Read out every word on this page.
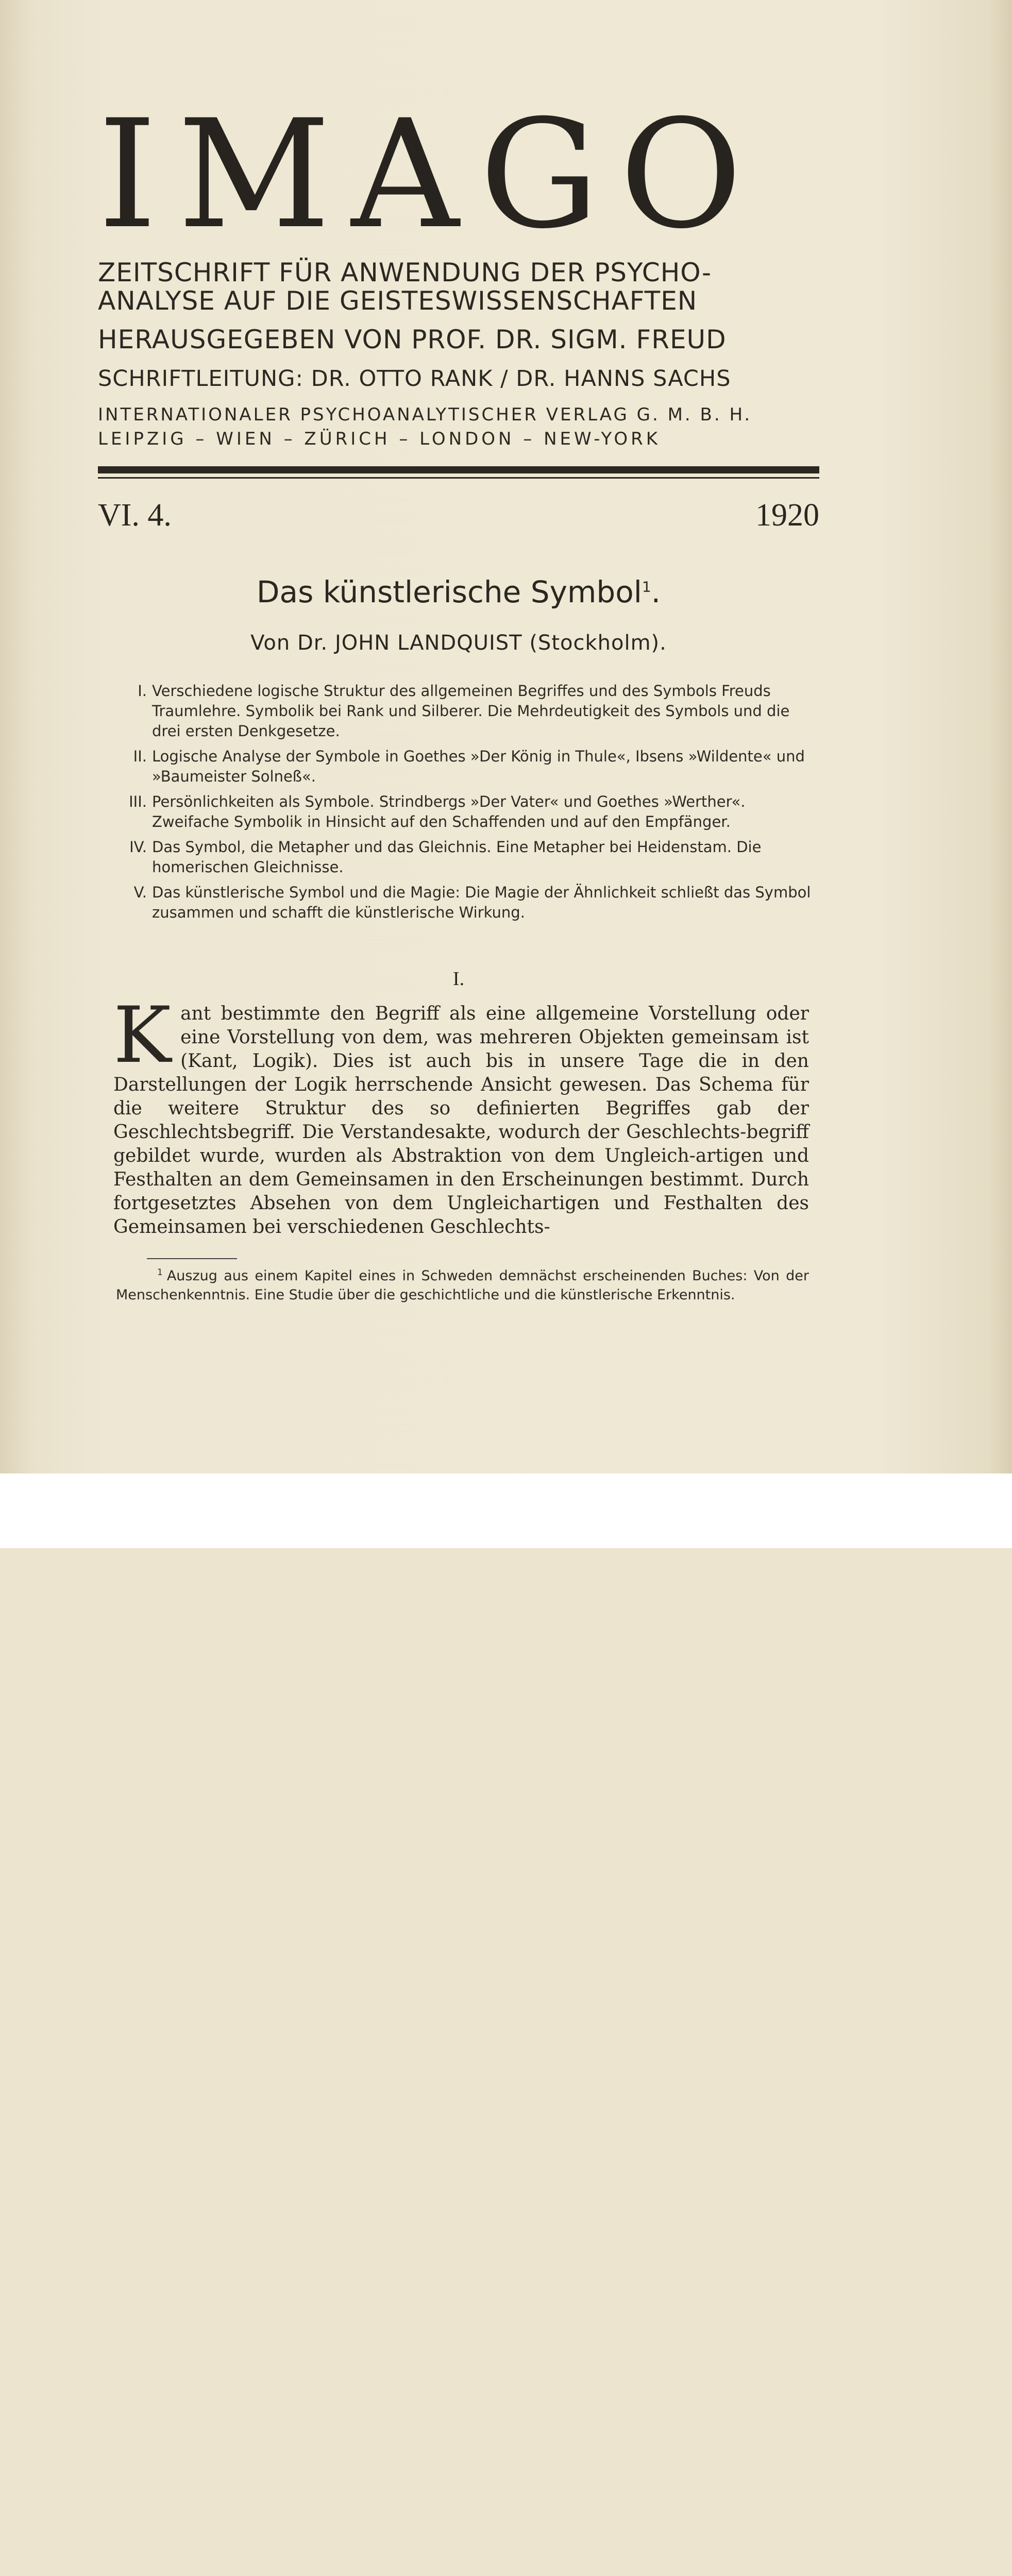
IMAGO
ZEITSCHRIFT FÜR ANWENDUNG DER PSYCHO-
ANALYSE AUF DIE GEISTESWISSENSCHAFTEN
HERAUSGEGEBEN VON PROF. DR. SIGM. FREUD
SCHRIFTLEITUNG: DR. OTTO RANK / DR. HANNS SACHS
INTERNATIONALER PSYCHOANALYTISCHER VERLAG G. M. B. H.
LEIPZIG – WIEN – ZÜRICH – LONDON – NEW-YORK
VI. 4.	1920
Das künstlerische Symbol$^1$.
Von Dr. JOHN LANDQUIST (Stockholm).
I. Verschiedene logische Struktur des allgemeinen Begriffes und des Symbols Freuds Traumlehre. Symbolik bei Rank und Silberer. Die Mehrdeutigkeit des Symbols und die drei ersten Denkgesetze.
II. Logische Analyse der Symbole in Goethes »Der König in Thule«, Ibsens »Wildente« und »Baumeister Solneß«.
III. Persönlichkeiten als Symbole. Strindbergs »Der Vater« und Goethes »Werther«. Zweifache Symbolik in Hinsicht auf den Schaffenden und auf den Empfänger.
IV. Das Symbol, die Metapher und das Gleichnis. Eine Metapher bei Heidenstam. Die homerischen Gleichnisse.
V. Das künstlerische Symbol und die Magie: Die Magie der Ähnlichkeit schließt das Symbol zusammen und schafft die künstlerische Wirkung.
I.
Kant bestimmte den Begriff als eine allgemeine Vorstellung oder eine Vorstellung von dem, was mehreren Objekten gemeinsam ist (Kant, Logik). Dies ist auch bis in unsere Tage die in den Darstellungen der Logik herrschende Ansicht gewesen. Das Schema für die weitere Struktur des so definierten Begriffes gab der Geschlechtsbegriff. Die Verstandesakte, wodurch der Geschlechts-begriff gebildet wurde, wurden als Abstraktion von dem Ungleich-artigen und Festhalten an dem Gemeinsamen in den Erscheinungen bestimmt. Durch fortgesetztes Absehen von dem Ungleichartigen und Festhalten des Gemeinsamen bei verschiedenen Geschlechts-
$^1$ Auszug aus einem Kapitel eines in Schweden demnächst erscheinenden Buches: Von der Menschenkenntnis. Eine Studie über die geschichtliche und die künstlerische Erkenntnis.
